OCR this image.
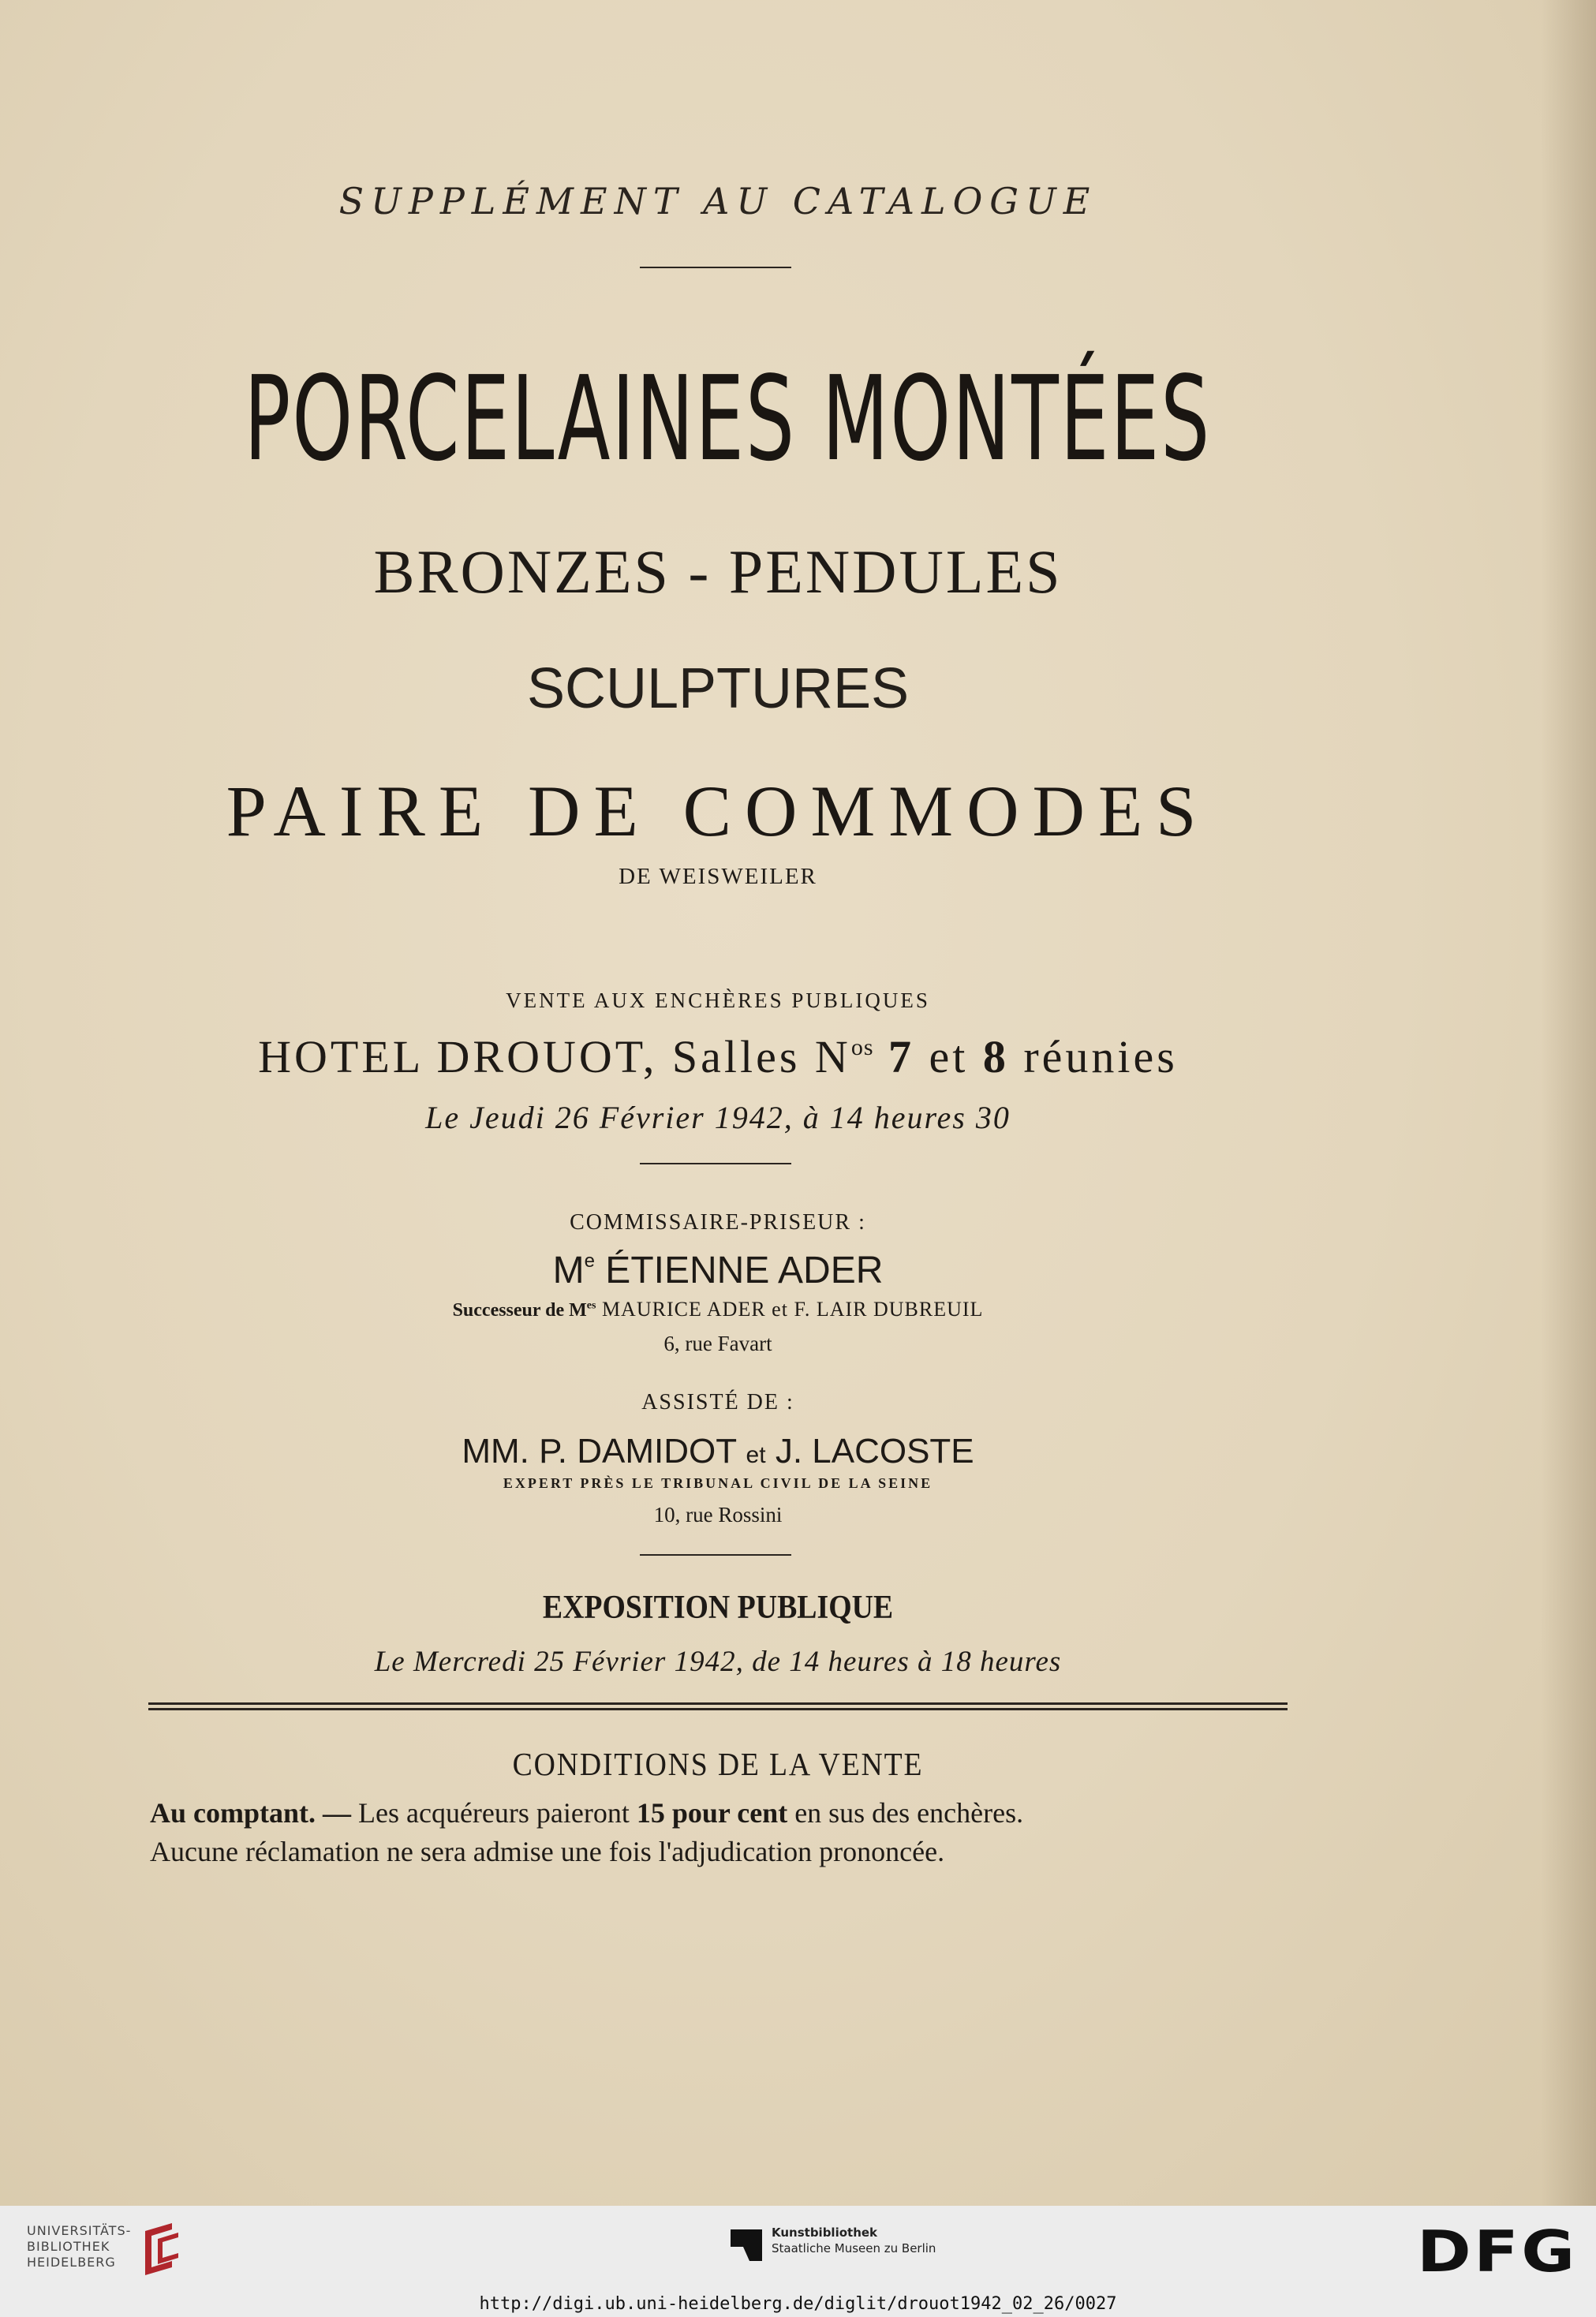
SUPPLÉMENT AU CATALOGUE
PORCELAINES MONTÉES
BRONZES - PENDULES
SCULPTURES
PAIRE DE COMMODES
DE WEISWEILER
VENTE AUX ENCHÈRES PUBLIQUES
HOTEL DROUOT, Salles $N^{os}$ 7 et 8 réunies
Le Jeudi 26 Février 1942, à 14 heures 30
COMMISSAIRE-PRISEUR :
Me ÉTIENNE ADER
Successeur de $M^{es}$ MAURICE ADER et F. LAIR DUBREUIL
6, rue Favart
ASSISTÉ DE :
MM. P. DAMIDOT et J. LACOSTE
EXPERT PRÈS LE TRIBUNAL CIVIL DE LA SEINE
10, rue Rossini
EXPOSITION PUBLIQUE
Le Mercredi 25 Février 1942, de 14 heures à 18 heures
CONDITIONS DE LA VENTE
Au comptant. — Les acquéreurs paieront 15 pour cent en sus des enchères.
Aucune réclamation ne sera admise une fois l'adjudication prononcée.
UNIVERSITÄTS-
BIBLIOTHEK
HEIDELBERG
Kunstbibliothek
Staatliche Museen zu Berlin	DFG
http://digi.ub.uni-heidelberg.de/diglit/drouot1942_02_26/0027
